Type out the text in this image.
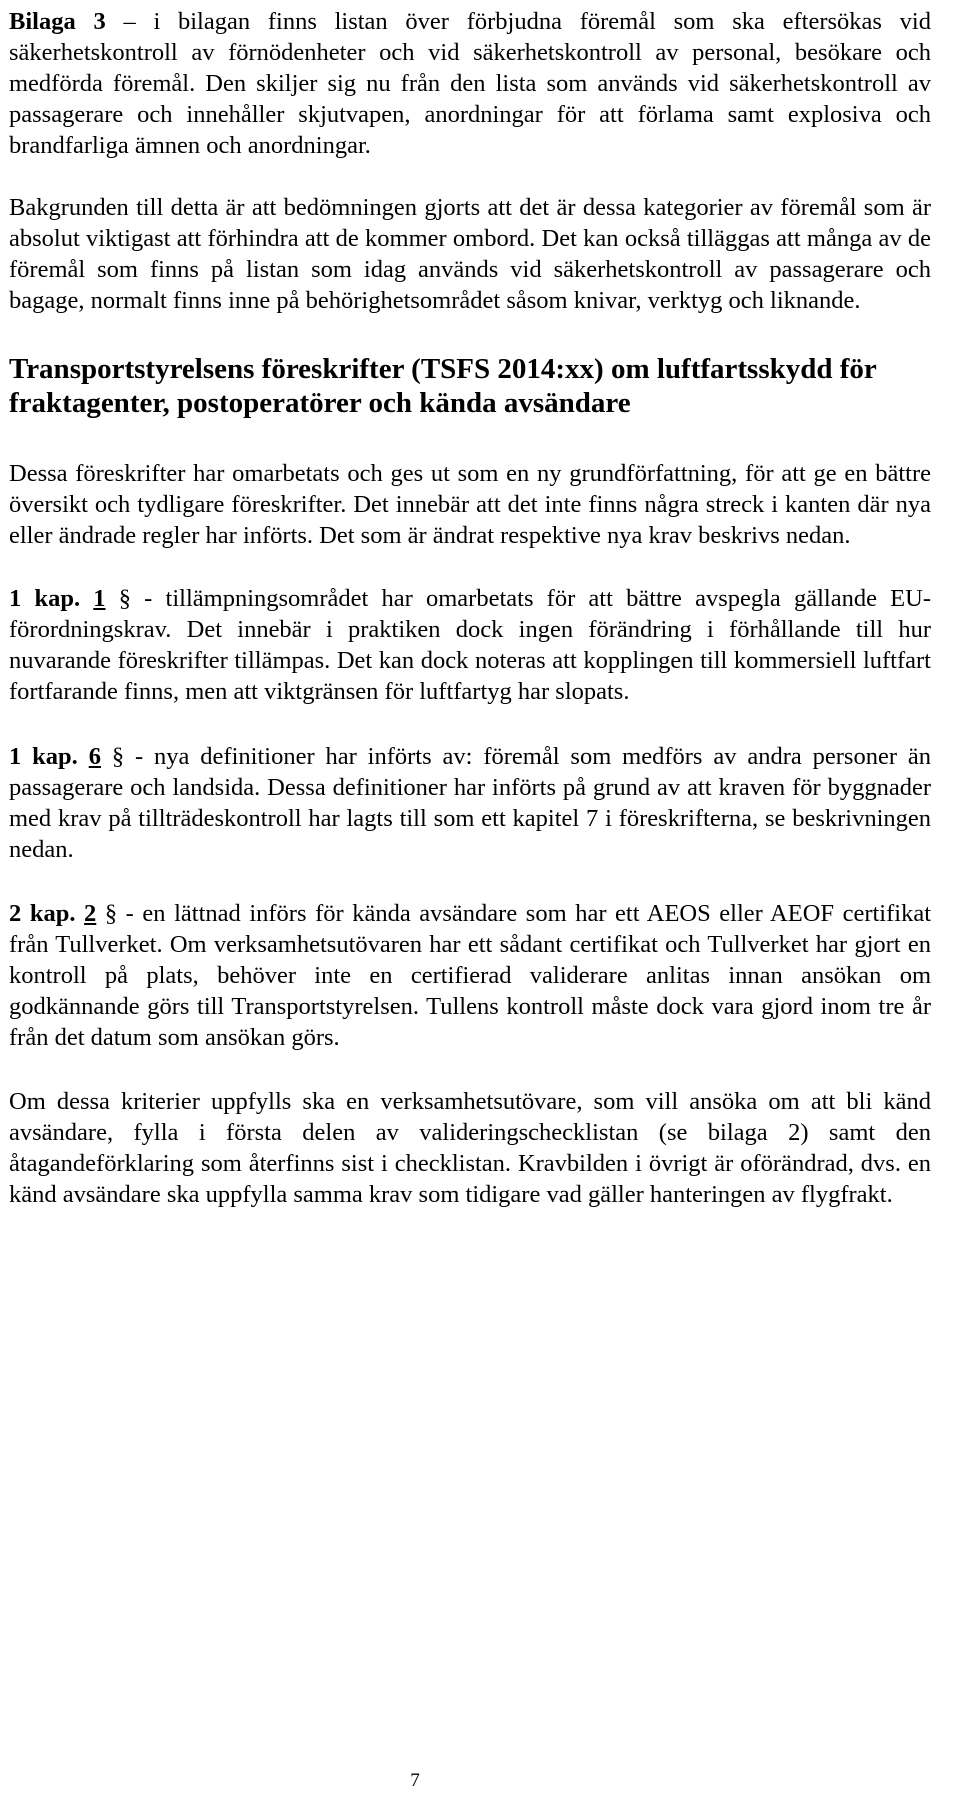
Bilaga 3 – i bilagan finns listan över förbjudna föremål som ska eftersökas vid säkerhetskontroll av förnödenheter och vid säkerhetskontroll av personal, besökare och medförda föremål. Den skiljer sig nu från den lista som används vid säkerhetskontroll av passagerare och innehåller skjutvapen, anordningar för att förlama samt explosiva och brandfarliga ämnen och anordningar.

Bakgrunden till detta är att bedömningen gjorts att det är dessa kategorier av föremål som är absolut viktigast att förhindra att de kommer ombord. Det kan också tilläggas att många av de föremål som finns på listan som idag används vid säkerhetskontroll av passagerare och bagage, normalt finns inne på behörighetsområdet såsom knivar, verktyg och liknande.

Transportstyrelsens föreskrifter (TSFS 2014:xx) om luftfartsskydd för fraktagenter, postoperatörer och kända avsändare

Dessa föreskrifter har omarbetats och ges ut som en ny grundförfattning, för att ge en bättre översikt och tydligare föreskrifter. Det innebär att det inte finns några streck i kanten där nya eller ändrade regler har införts. Det som är ändrat respektive nya krav beskrivs nedan.

1 kap. 1 § - tillämpningsområdet har omarbetats för att bättre avspegla gällande EU-förordningskrav. Det innebär i praktiken dock ingen förändring i förhållande till hur nuvarande föreskrifter tillämpas. Det kan dock noteras att kopplingen till kommersiell luftfart fortfarande finns, men att viktgränsen för luftfartyg har slopats.

1 kap. 6 § - nya definitioner har införts av: föremål som medförs av andra personer än passagerare och landsida. Dessa definitioner har införts på grund av att kraven för byggnader med krav på tillträdeskontroll har lagts till som ett kapitel 7 i föreskrifterna, se beskrivningen nedan.

2 kap. 2 § - en lättnad införs för kända avsändare som har ett AEOS eller AEOF certifikat från Tullverket. Om verksamhetsutövaren har ett sådant certifikat och Tullverket har gjort en kontroll på plats, behöver inte en certifierad validerare anlitas innan ansökan om godkännande görs till Transportstyrelsen. Tullens kontroll måste dock vara gjord inom tre år från det datum som ansökan görs.

Om dessa kriterier uppfylls ska en verksamhetsutövare, som vill ansöka om att bli känd avsändare, fylla i första delen av valideringschecklistan (se bilaga 2) samt den åtagandeförklaring som återfinns sist i checklistan. Kravbilden i övrigt är oförändrad, dvs. en känd avsändare ska uppfylla samma krav som tidigare vad gäller hanteringen av flygfrakt.

7
